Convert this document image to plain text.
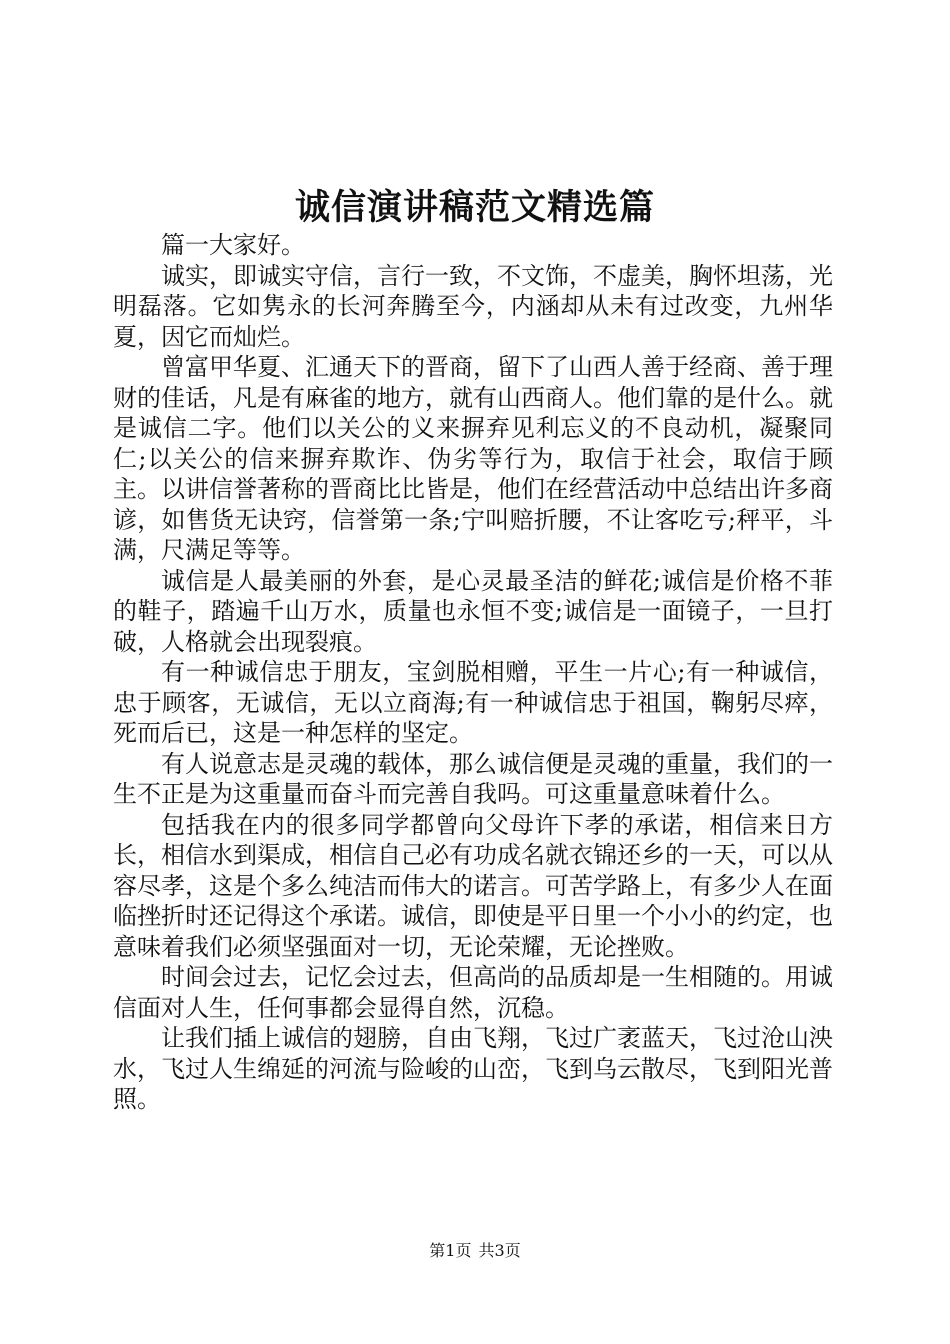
诚信演讲稿范文精选篇

篇一大家好。

诚实，即诚实守信，言行一致，不文饰，不虚美，胸怀坦荡，光明磊落。它如隽永的长河奔腾至今，内涵却从未有过改变，九州华夏，因它而灿烂。

曾富甲华夏、汇通天下的晋商，留下了山西人善于经商、善于理财的佳话，凡是有麻雀的地方，就有山西商人。他们靠的是什么。就是诚信二字。他们以关公的义来摒弃见利忘义的不良动机，凝聚同仁;以关公的信来摒弃欺诈、伪劣等行为，取信于社会，取信于顾主。以讲信誉著称的晋商比比皆是，他们在经营活动中总结出许多商谚，如售货无诀窍，信誉第一条;宁叫赔折腰，不让客吃亏;秤平，斗满，尺满足等等。

诚信是人最美丽的外套，是心灵最圣洁的鲜花;诚信是价格不菲的鞋子，踏遍千山万水，质量也永恒不变;诚信是一面镜子，一旦打破，人格就会出现裂痕。

有一种诚信忠于朋友，宝剑脱相赠，平生一片心;有一种诚信，忠于顾客，无诚信，无以立商海;有一种诚信忠于祖国，鞠躬尽瘁，死而后已，这是一种怎样的坚定。

有人说意志是灵魂的载体，那么诚信便是灵魂的重量，我们的一生不正是为这重量而奋斗而完善自我吗。可这重量意味着什么。

包括我在内的很多同学都曾向父母许下孝的承诺，相信来日方长，相信水到渠成，相信自己必有功成名就衣锦还乡的一天，可以从容尽孝，这是个多么纯洁而伟大的诺言。可苦学路上，有多少人在面临挫折时还记得这个承诺。诚信，即使是平日里一个小小的约定，也意味着我们必须坚强面对一切，无论荣耀，无论挫败。

时间会过去，记忆会过去，但高尚的品质却是一生相随的。用诚信面对人生，任何事都会显得自然，沉稳。

让我们插上诚信的翅膀，自由飞翔，飞过广袤蓝天，飞过沧山泱水，飞过人生绵延的河流与险峻的山峦，飞到乌云散尽，飞到阳光普照。

第1页 共3页
